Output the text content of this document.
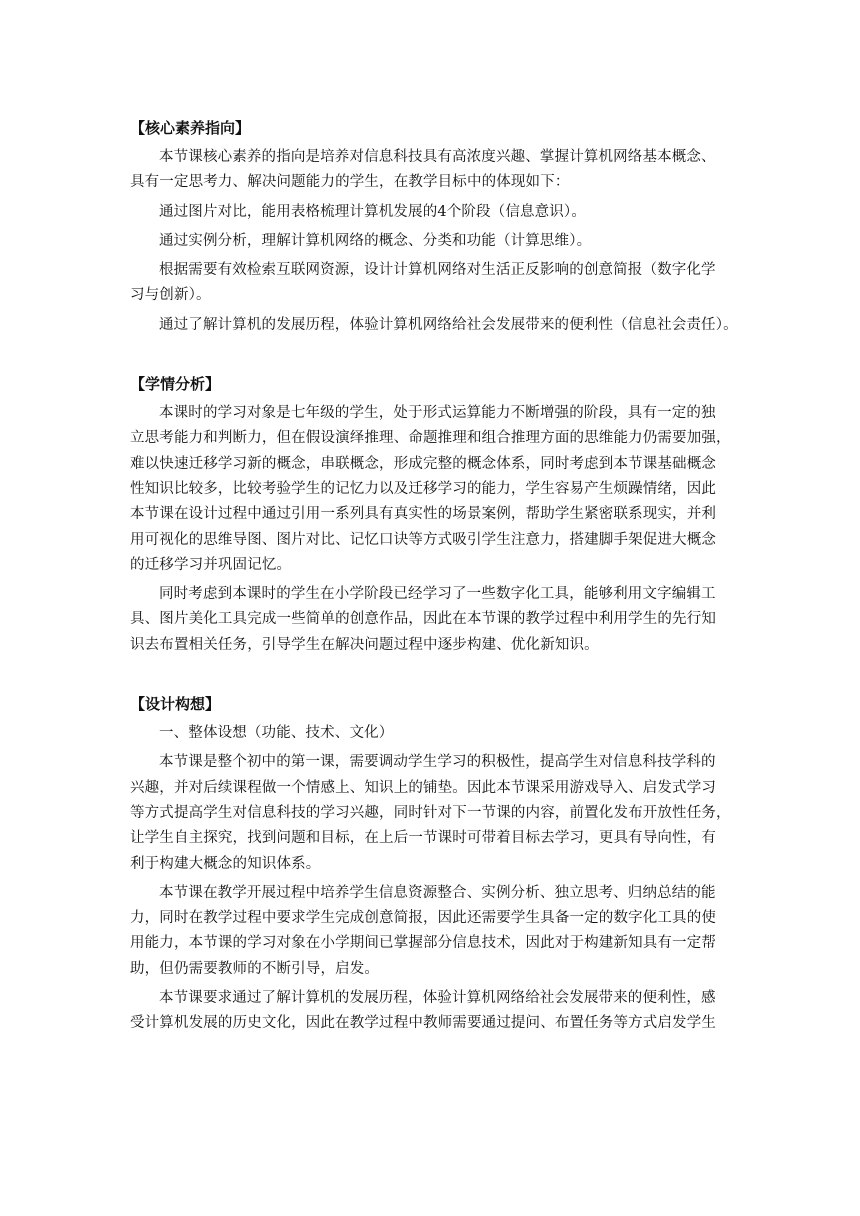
【核心素养指向】
本节课核心素养的指向是培养对信息科技具有高浓度兴趣、掌握计算机网络基本概念、
具有一定思考力、解决问题能力的学生，在教学目标中的体现如下：
通过图片对比，能用表格梳理计算机发展的4个阶段（信息意识）。
通过实例分析，理解计算机网络的概念、分类和功能（计算思维）。
根据需要有效检索互联网资源，设计计算机网络对生活正反影响的创意简报（数字化学
习与创新）。
通过了解计算机的发展历程，体验计算机网络给社会发展带来的便利性（信息社会责任）。
【学情分析】
本课时的学习对象是七年级的学生，处于形式运算能力不断增强的阶段，具有一定的独
立思考能力和判断力，但在假设演绎推理、命题推理和组合推理方面的思维能力仍需要加强，
难以快速迁移学习新的概念，串联概念，形成完整的概念体系，同时考虑到本节课基础概念
性知识比较多，比较考验学生的记忆力以及迁移学习的能力，学生容易产生烦躁情绪，因此
本节课在设计过程中通过引用一系列具有真实性的场景案例，帮助学生紧密联系现实，并利
用可视化的思维导图、图片对比、记忆口诀等方式吸引学生注意力，搭建脚手架促进大概念
的迁移学习并巩固记忆。
同时考虑到本课时的学生在小学阶段已经学习了一些数字化工具，能够利用文字编辑工
具、图片美化工具完成一些简单的创意作品，因此在本节课的教学过程中利用学生的先行知
识去布置相关任务，引导学生在解决问题过程中逐步构建、优化新知识。
【设计构想】
一、整体设想（功能、技术、文化）
本节课是整个初中的第一课，需要调动学生学习的积极性，提高学生对信息科技学科的
兴趣，并对后续课程做一个情感上、知识上的铺垫。因此本节课采用游戏导入、启发式学习
等方式提高学生对信息科技的学习兴趣，同时针对下一节课的内容，前置化发布开放性任务，
让学生自主探究，找到问题和目标，在上后一节课时可带着目标去学习，更具有导向性，有
利于构建大概念的知识体系。
本节课在教学开展过程中培养学生信息资源整合、实例分析、独立思考、归纳总结的能
力，同时在教学过程中要求学生完成创意简报，因此还需要学生具备一定的数字化工具的使
用能力，本节课的学习对象在小学期间已掌握部分信息技术，因此对于构建新知具有一定帮
助，但仍需要教师的不断引导，启发。
本节课要求通过了解计算机的发展历程，体验计算机网络给社会发展带来的便利性，感
受计算机发展的历史文化，因此在教学过程中教师需要通过提问、布置任务等方式启发学生
